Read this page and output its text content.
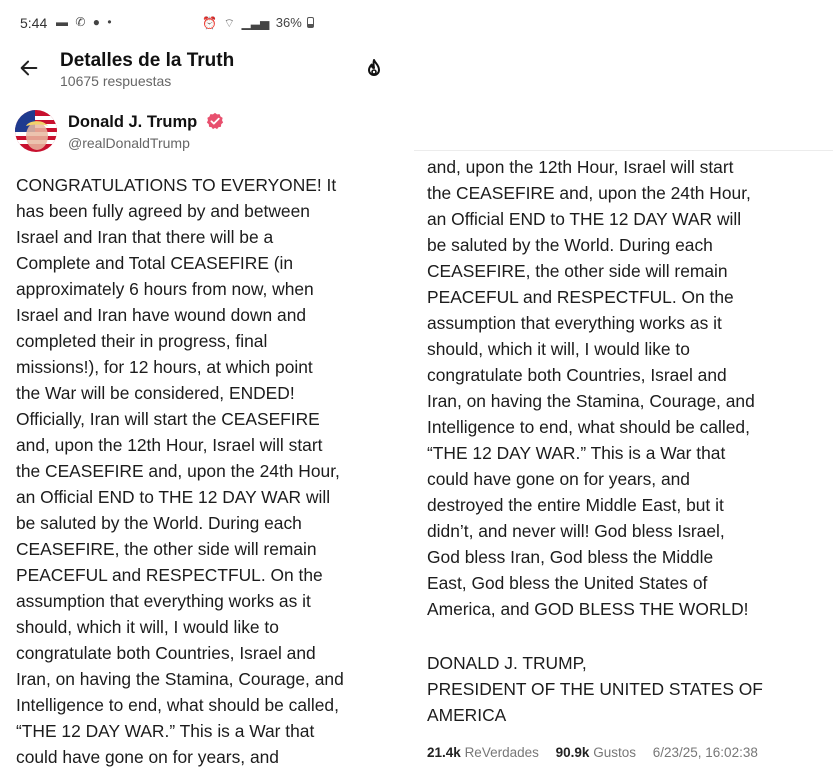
5:44 ▬ ✆ ● •	⏰ ⌔ ▁▃▅ 36%
Detalles de la Truth
10675 respuestas
Donald J. Trump
@realDonaldTrump
CONGRATULATIONS TO EVERYONE! It
has been fully agreed by and between
Israel and Iran that there will be a
Complete and Total CEASEFIRE (in
approximately 6 hours from now, when
Israel and Iran have wound down and
completed their in progress, final
missions!), for 12 hours, at which point
the War will be considered, ENDED!
Officially, Iran will start the CEASEFIRE
and, upon the 12th Hour, Israel will start
the CEASEFIRE and, upon the 24th Hour,
an Official END to THE 12 DAY WAR will
be saluted by the World. During each
CEASEFIRE, the other side will remain
PEACEFUL and RESPECTFUL. On the
assumption that everything works as it
should, which it will, I would like to
congratulate both Countries, Israel and
Iran, on having the Stamina, Courage, and
Intelligence to end, what should be called,
“THE 12 DAY WAR.” This is a War that
could have gone on for years, and
and, upon the 12th Hour, Israel will start
the CEASEFIRE and, upon the 24th Hour,
an Official END to THE 12 DAY WAR will
be saluted by the World. During each
CEASEFIRE, the other side will remain
PEACEFUL and RESPECTFUL. On the
assumption that everything works as it
should, which it will, I would like to
congratulate both Countries, Israel and
Iran, on having the Stamina, Courage, and
Intelligence to end, what should be called,
“THE 12 DAY WAR.” This is a War that
could have gone on for years, and
destroyed the entire Middle East, but it
didn’t, and never will! God bless Israel,
God bless Iran, God bless the Middle
East, God bless the United States of
America, and GOD BLESS THE WORLD!
DONALD J. TRUMP,
PRESIDENT OF THE UNITED STATES OF
AMERICA
21.4k ReVerdades 90.9k Gustos 6/23/25, 16:02:38
